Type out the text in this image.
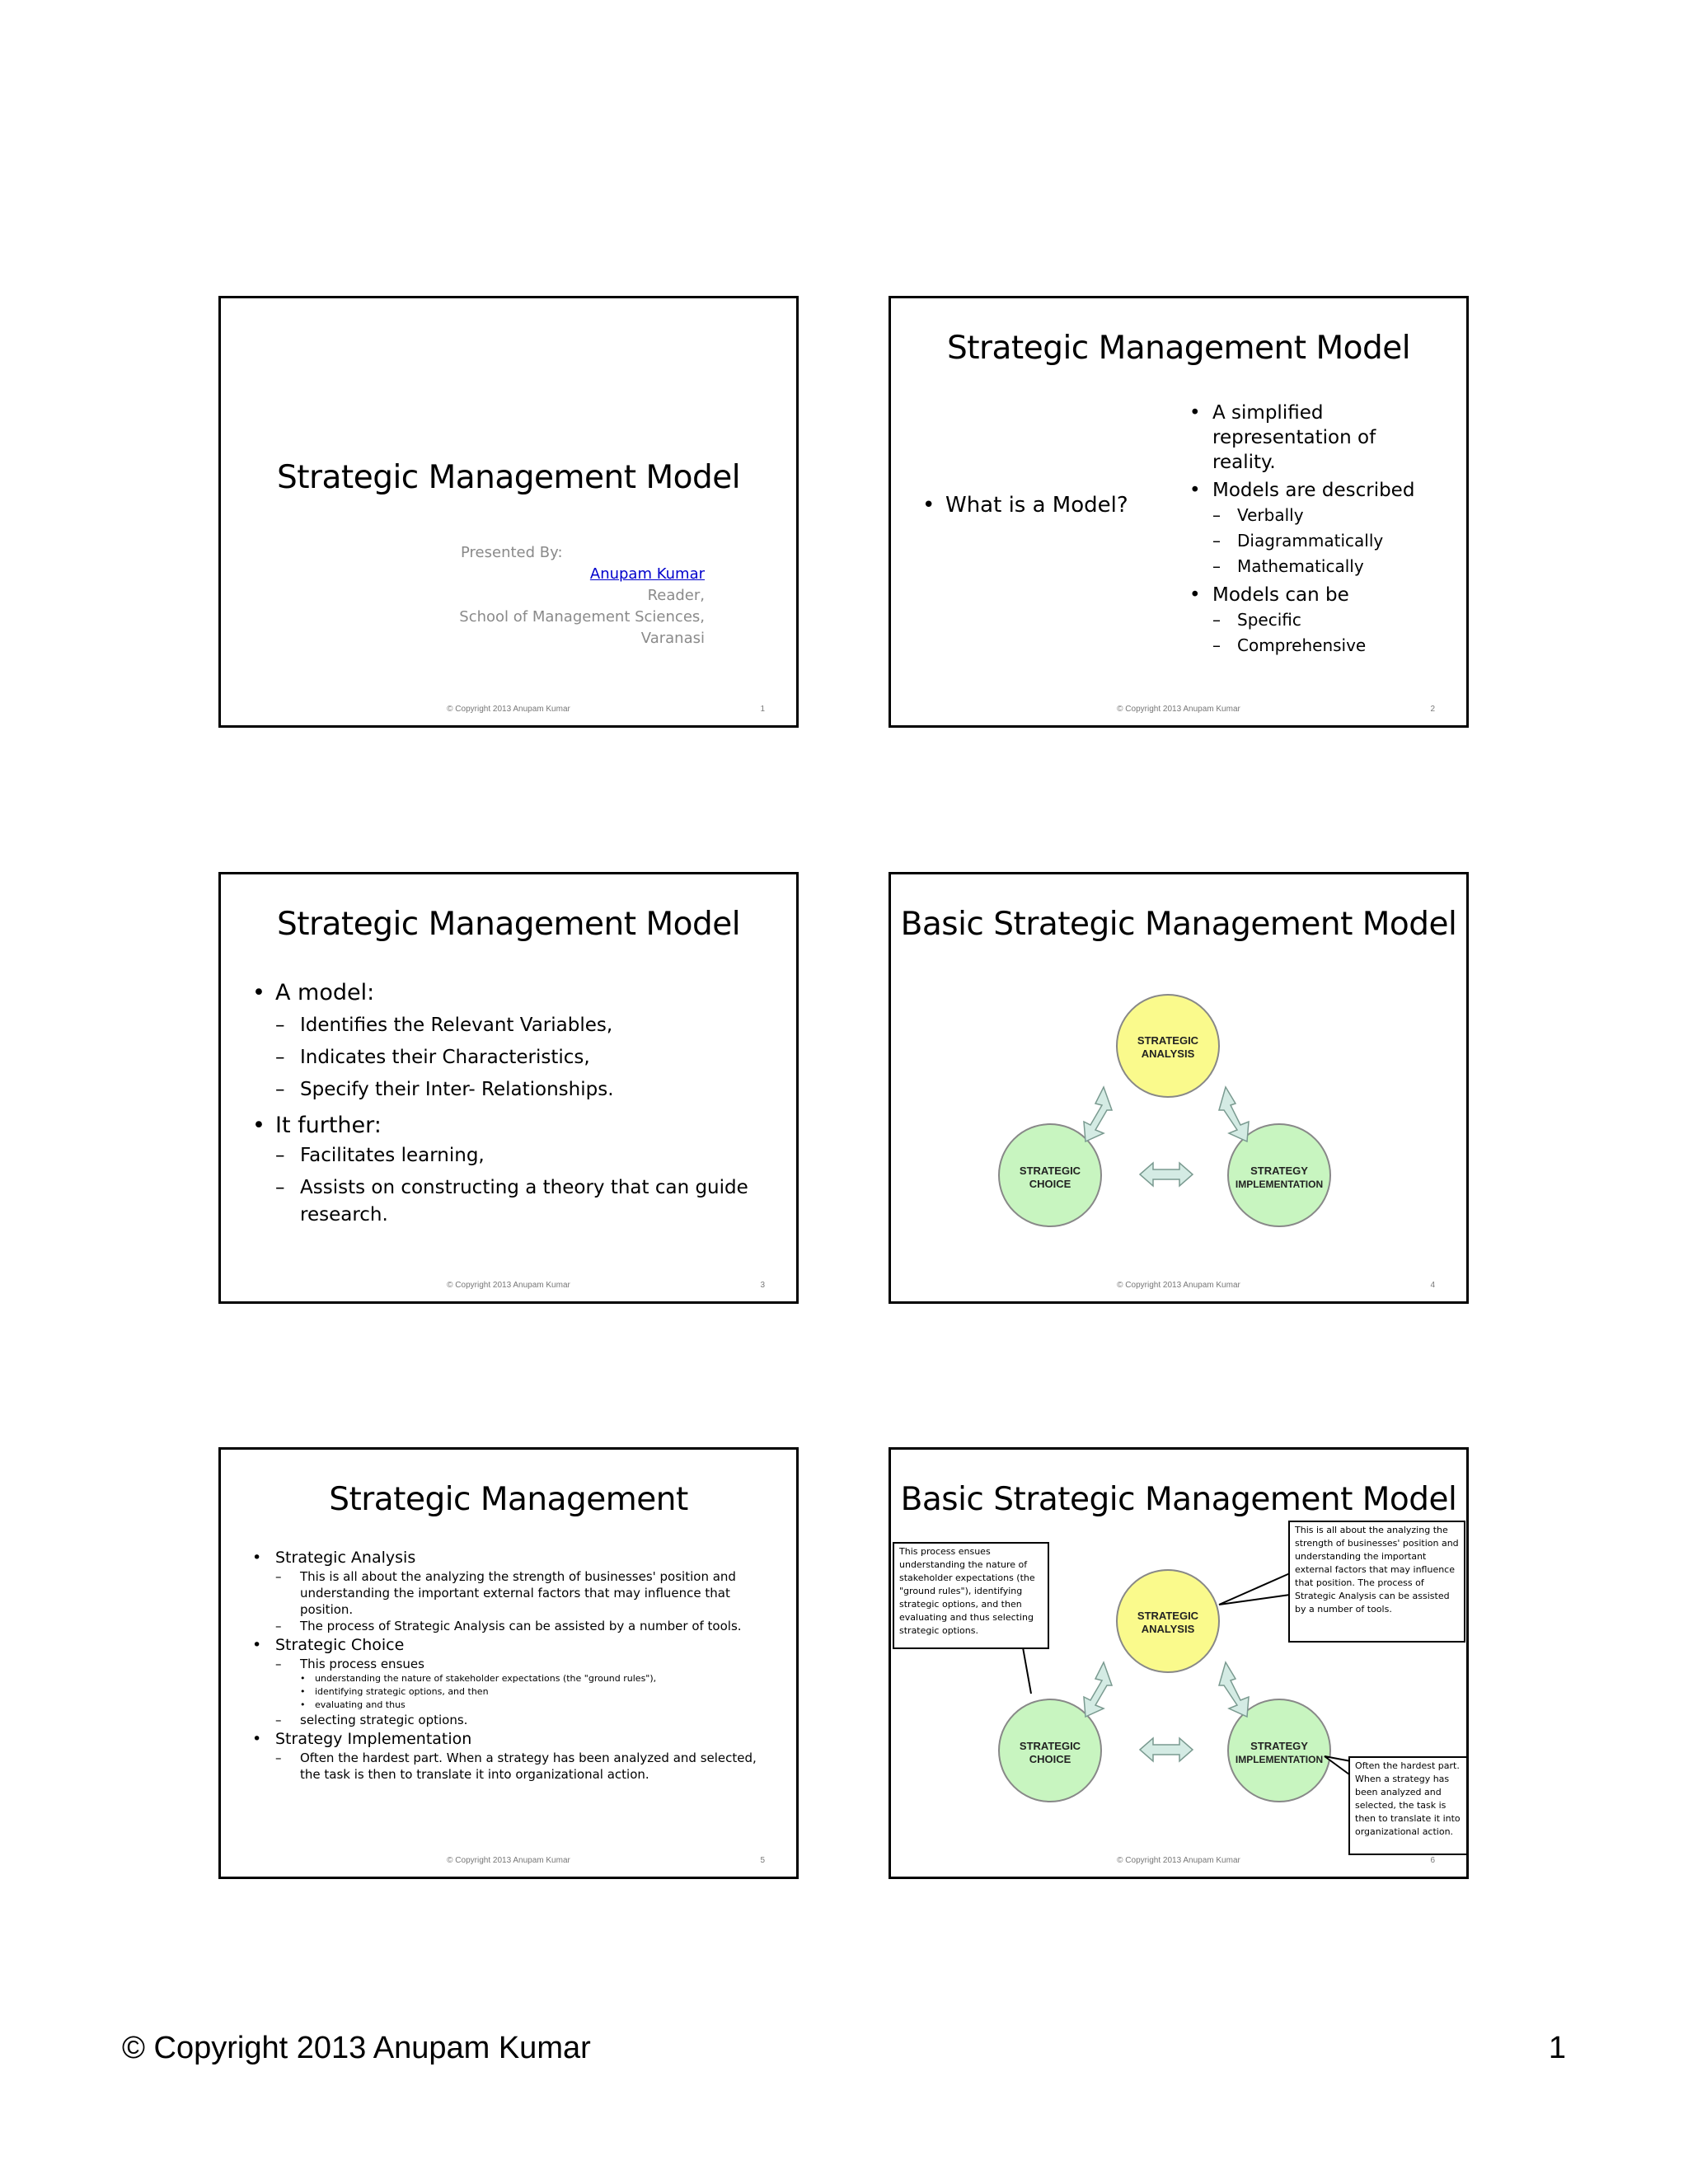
Strategic Management Model
Presented By:
Anupam Kumar
Reader,
School of Management Sciences,
Varanasi
© Copyright 2013 Anupam Kumar	1
Strategic Management Model
• What is a Model?
• A simplified representation of reality.
• Models are described
– Verbally
– Diagrammatically
– Mathematically
• Models can be
– Specific
– Comprehensive
© Copyright 2013 Anupam Kumar	2
Strategic Management Model
• A model:
– Identifies the Relevant Variables,
– Indicates their Characteristics,
– Specify their Inter- Relationships.
• It further:
– Facilitates learning,
– Assists on constructing a theory that can guide research.
© Copyright 2013 Anupam Kumar	3
Basic Strategic Management Model
STRATEGIC
ANALYSIS
STRATEGIC
CHOICE
STRATEGY
IMPLEMENTATION
© Copyright 2013 Anupam Kumar	4
Strategic Management
• Strategic Analysis
– This is all about the analyzing the strength of businesses' position and understanding the important external factors that may influence that position.
– The process of Strategic Analysis can be assisted by a number of tools.
• Strategic Choice
– This process ensues
• understanding the nature of stakeholder expectations (the "ground rules"),
• identifying strategic options, and then
• evaluating and thus
– selecting strategic options.
• Strategy Implementation
– Often the hardest part. When a strategy has been analyzed and selected, the task is then to translate it into organizational action.
© Copyright 2013 Anupam Kumar	5
Basic Strategic Management Model
STRATEGIC
ANALYSIS
STRATEGIC
CHOICE
STRATEGY
IMPLEMENTATION
This process ensues understanding the nature of stakeholder expectations (the "ground rules"), identifying strategic options, and then evaluating and thus selecting strategic options.
This is all about the analyzing the strength of businesses' position and understanding the important external factors that may influence that position. The process of Strategic Analysis can be assisted by a number of tools.
Often the hardest part. When a strategy has been analyzed and selected, the task is then to translate it into organizational action.
© Copyright 2013 Anupam Kumar	6
© Copyright 2013 Anupam Kumar	1
